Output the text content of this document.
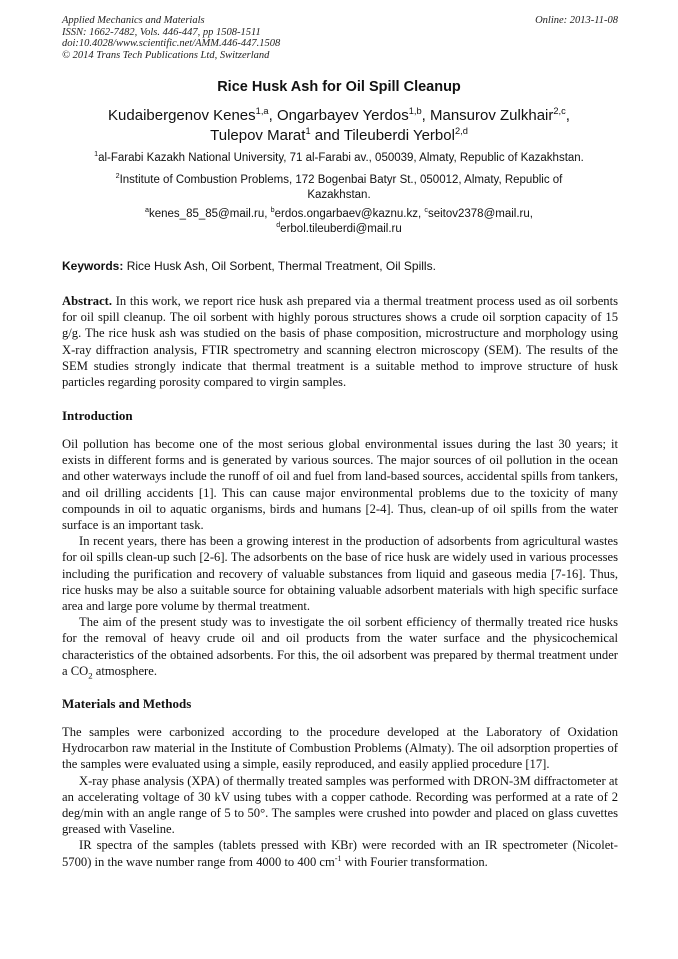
Applied Mechanics and Materials
ISSN: 1662-7482, Vols. 446-447, pp 1508-1511
doi:10.4028/www.scientific.net/AMM.446-447.1508
© 2014 Trans Tech Publications Ltd, Switzerland
Online: 2013-11-08
Rice Husk Ash for Oil Spill Cleanup
Kudaibergenov Kenes$^{1,a}$, Ongarbayev Yerdos$^{1,b}$, Mansurov Zulkhair$^{2,c}$,
Tulepov Marat$^1$ and Tileuberdi Yerbol$^{2,d}$
$^1$al-Farabi Kazakh National University, 71 al-Farabi av., 050039, Almaty, Republic of Kazakhstan.
$^2$Institute of Combustion Problems, 172 Bogenbai Batyr St., 050012, Almaty, Republic of Kazakhstan.
$^a$kenes_85_85@mail.ru, $^b$erdos.ongarbaev@kaznu.kz, $^c$seitov2378@mail.ru,
$^d$erbol.tileuberdi@mail.ru
Keywords: Rice Husk Ash, Oil Sorbent, Thermal Treatment, Oil Spills.

Abstract. In this work, we report rice husk ash prepared via a thermal treatment process used as oil sorbents for oil spill cleanup. The oil sorbent with highly porous structures shows a crude oil sorption capacity of 15 g/g. The rice husk ash was studied on the basis of phase composition, microstructure and morphology using X-ray diffraction analysis, FTIR spectrometry and scanning electron microscopy (SEM). The results of the SEM studies strongly indicate that thermal treatment is a suitable method to improve structure of husk particles regarding porosity compared to virgin samples.

Introduction

Oil pollution has become one of the most serious global environmental issues during the last 30 years; it exists in different forms and is generated by various sources. The major sources of oil pollution in the ocean and other waterways include the runoff of oil and fuel from land-based sources, accidental spills from tankers, and oil drilling accidents [1]. This can cause major environmental problems due to the toxicity of many compounds in oil to aquatic organisms, birds and humans [2-4]. Thus, clean-up of oil spills from the water surface is an important task.

In recent years, there has been a growing interest in the production of adsorbents from agricultural wastes for oil spills clean-up such [2-6]. The adsorbents on the base of rice husk are widely used in various processes including the purification and recovery of valuable substances from liquid and gaseous media [7-16]. Thus, rice husks may be also a suitable source for obtaining valuable adsorbent materials with high specific surface area and large pore volume by thermal treatment.

The aim of the present study was to investigate the oil sorbent efficiency of thermally treated rice husks for the removal of heavy crude oil and oil products from the water surface and the physicochemical characteristics of the obtained adsorbents. For this, the oil adsorbent was prepared by thermal treatment under a $CO_2$ atmosphere.

Materials and Methods

The samples were carbonized according to the procedure developed at the Laboratory of Oxidation Hydrocarbon raw material in the Institute of Combustion Problems (Almaty). The oil adsorption properties of the samples were evaluated using a simple, easily reproduced, and easily applied procedure [17].

X-ray phase analysis (XPA) of thermally treated samples was performed with DRON-3M diffractometer at an accelerating voltage of 30 kV using tubes with a copper cathode. Recording was performed at a rate of 2 deg/min with an angle range of 5 to 50°. The samples were crushed into powder and placed on glass cuvettes greased with Vaseline.

IR spectra of the samples (tablets pressed with KBr) were recorded with an IR spectrometer (Nicolet-5700) in the wave number range from 4000 to 400 $cm^{-1}$ with Fourier transformation.
